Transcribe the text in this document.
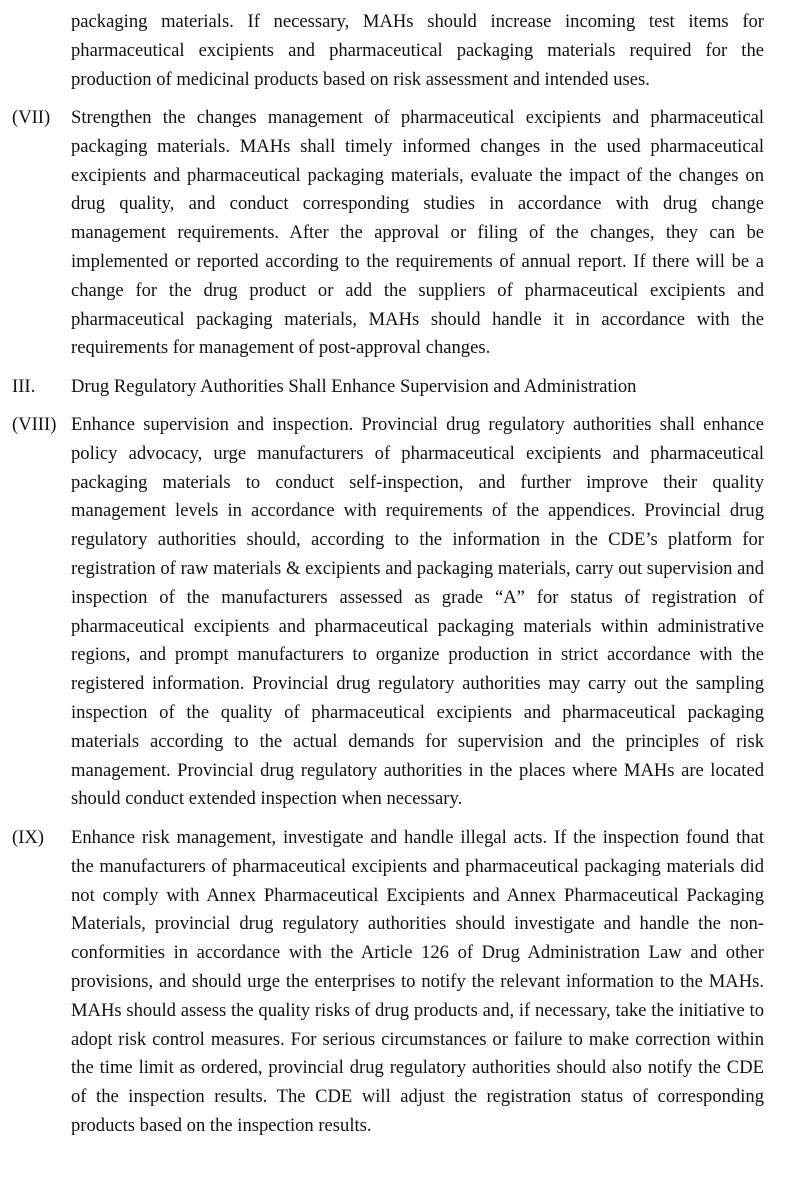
packaging materials. If necessary, MAHs should increase incoming test items for pharmaceutical excipients and pharmaceutical packaging materials required for the production of medicinal products based on risk assessment and intended uses.
(VII) Strengthen the changes management of pharmaceutical excipients and pharmaceutical packaging materials. MAHs shall timely informed changes in the used pharmaceutical excipients and pharmaceutical packaging materials, evaluate the impact of the changes on drug quality, and conduct corresponding studies in accordance with drug change management requirements. After the approval or filing of the changes, they can be implemented or reported according to the requirements of annual report. If there will be a change for the drug product or add the suppliers of pharmaceutical excipients and pharmaceutical packaging materials, MAHs should handle it in accordance with the requirements for management of post-approval changes.
III. Drug Regulatory Authorities Shall Enhance Supervision and Administration
(VIII) Enhance supervision and inspection. Provincial drug regulatory authorities shall enhance policy advocacy, urge manufacturers of pharmaceutical excipients and pharmaceutical packaging materials to conduct self-inspection, and further improve their quality management levels in accordance with requirements of the appendices. Provincial drug regulatory authorities should, according to the information in the CDE’s platform for registration of raw materials & excipients and packaging materials, carry out supervision and inspection of the manufacturers assessed as grade “A” for status of registration of pharmaceutical excipients and pharmaceutical packaging materials within administrative regions, and prompt manufacturers to organize production in strict accordance with the registered information. Provincial drug regulatory authorities may carry out the sampling inspection of the quality of pharmaceutical excipients and pharmaceutical packaging materials according to the actual demands for supervision and the principles of risk management. Provincial drug regulatory authorities in the places where MAHs are located should conduct extended inspection when necessary.
(IX) Enhance risk management, investigate and handle illegal acts. If the inspection found that the manufacturers of pharmaceutical excipients and pharmaceutical packaging materials did not comply with Annex Pharmaceutical Excipients and Annex Pharmaceutical Packaging Materials, provincial drug regulatory authorities should investigate and handle the non-conformities in accordance with the Article 126 of Drug Administration Law and other provisions, and should urge the enterprises to notify the relevant information to the MAHs. MAHs should assess the quality risks of drug products and, if necessary, take the initiative to adopt risk control measures. For serious circumstances or failure to make correction within the time limit as ordered, provincial drug regulatory authorities should also notify the CDE of the inspection results. The CDE will adjust the registration status of corresponding products based on the inspection results.
